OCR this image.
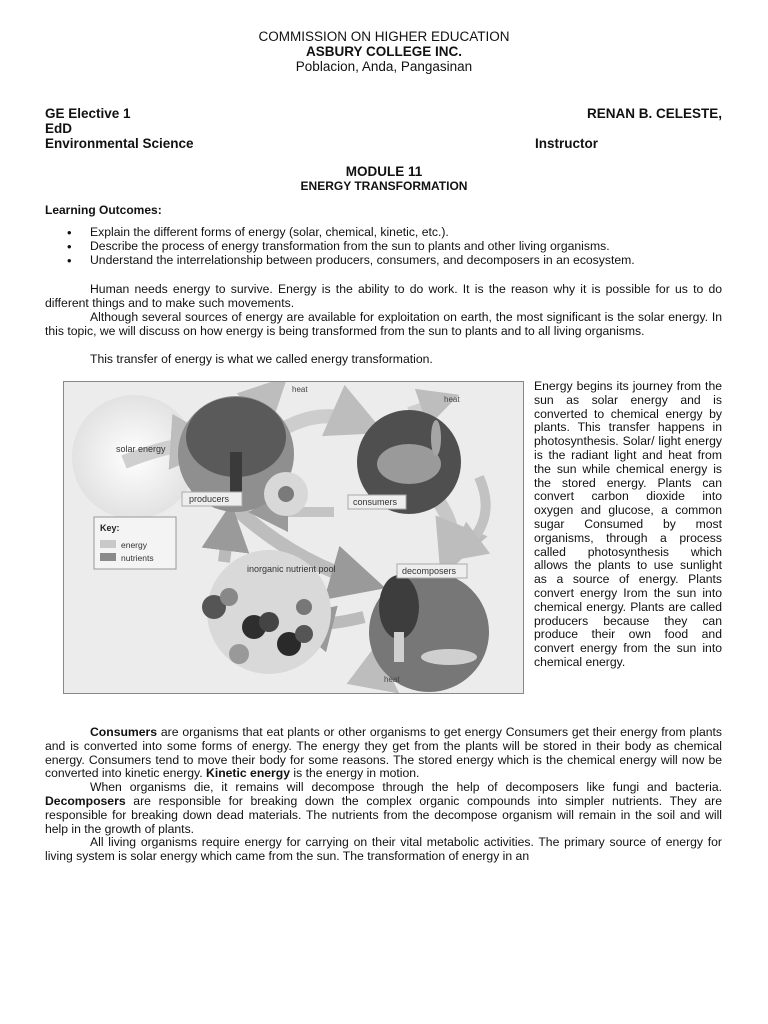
COMMISSION ON HIGHER EDUCATION
ASBURY COLLEGE INC.
Poblacion, Anda, Pangasinan
GE Elective 1
EdD
Environmental Science
RENAN B. CELESTE,
Instructor
MODULE 11
ENERGY TRANSFORMATION
Learning Outcomes:
• Explain the different forms of energy (solar, chemical, kinetic, etc.).
• Describe the process of energy transformation from the sun to plants and other living organisms.
• Understand the interrelationship between producers, consumers, and decomposers in an ecosystem.

Human needs energy to survive. Energy is the ability to do work. It is the reason why it is possible for us to do different things and to make such movements.

Although several sources of energy are available for exploitation on earth, the most significant is the solar energy. In this topic, we will discuss on how energy is being transformed from the sun to plants and to all living organisms.

This transfer of energy is what we called energy transformation.

solar energy
producers	consumers
decomposers
inorganic nutrient pool
heat
heat
heat
Key:
energy
nutrients

Energy begins its journey from the sun as solar energy and is converted to chemical energy by plants. This transfer happens in photosynthesis. Solar/ light energy is the radiant light and heat from the sun while chemical energy is the stored energy. Plants can convert carbon dioxide into oxygen and glucose, a common sugar Consumed by most organisms, through a process called photosynthesis which allows the plants to use sunlight as a source of energy. Plants convert energy Irom the sun into chemical energy. Plants are called producers because they can produce their own food and convert energy from the sun into chemical energy.

Consumers are organisms that eat plants or other organisms to get energy Consumers get their energy from plants and is converted into some forms of energy. The energy they get from the plants will be stored in their body as chemical energy. Consumers tend to move their body for some reasons. The stored energy which is the chemical energy will now be converted into kinetic energy. Kinetic energy is the energy in motion.

When organisms die, it remains will decompose through the help of decomposers like fungi and bacteria. Decomposers are responsible for breaking down the complex organic compounds into simpler nutrients. They are responsible for breaking down dead materials. The nutrients from the decompose organism will remain in the soil and will help in the growth of plants.

All living organisms require energy for carrying on their vital metabolic activities. The primary source of energy for living system is solar energy which came from the sun. The transformation of energy in an
